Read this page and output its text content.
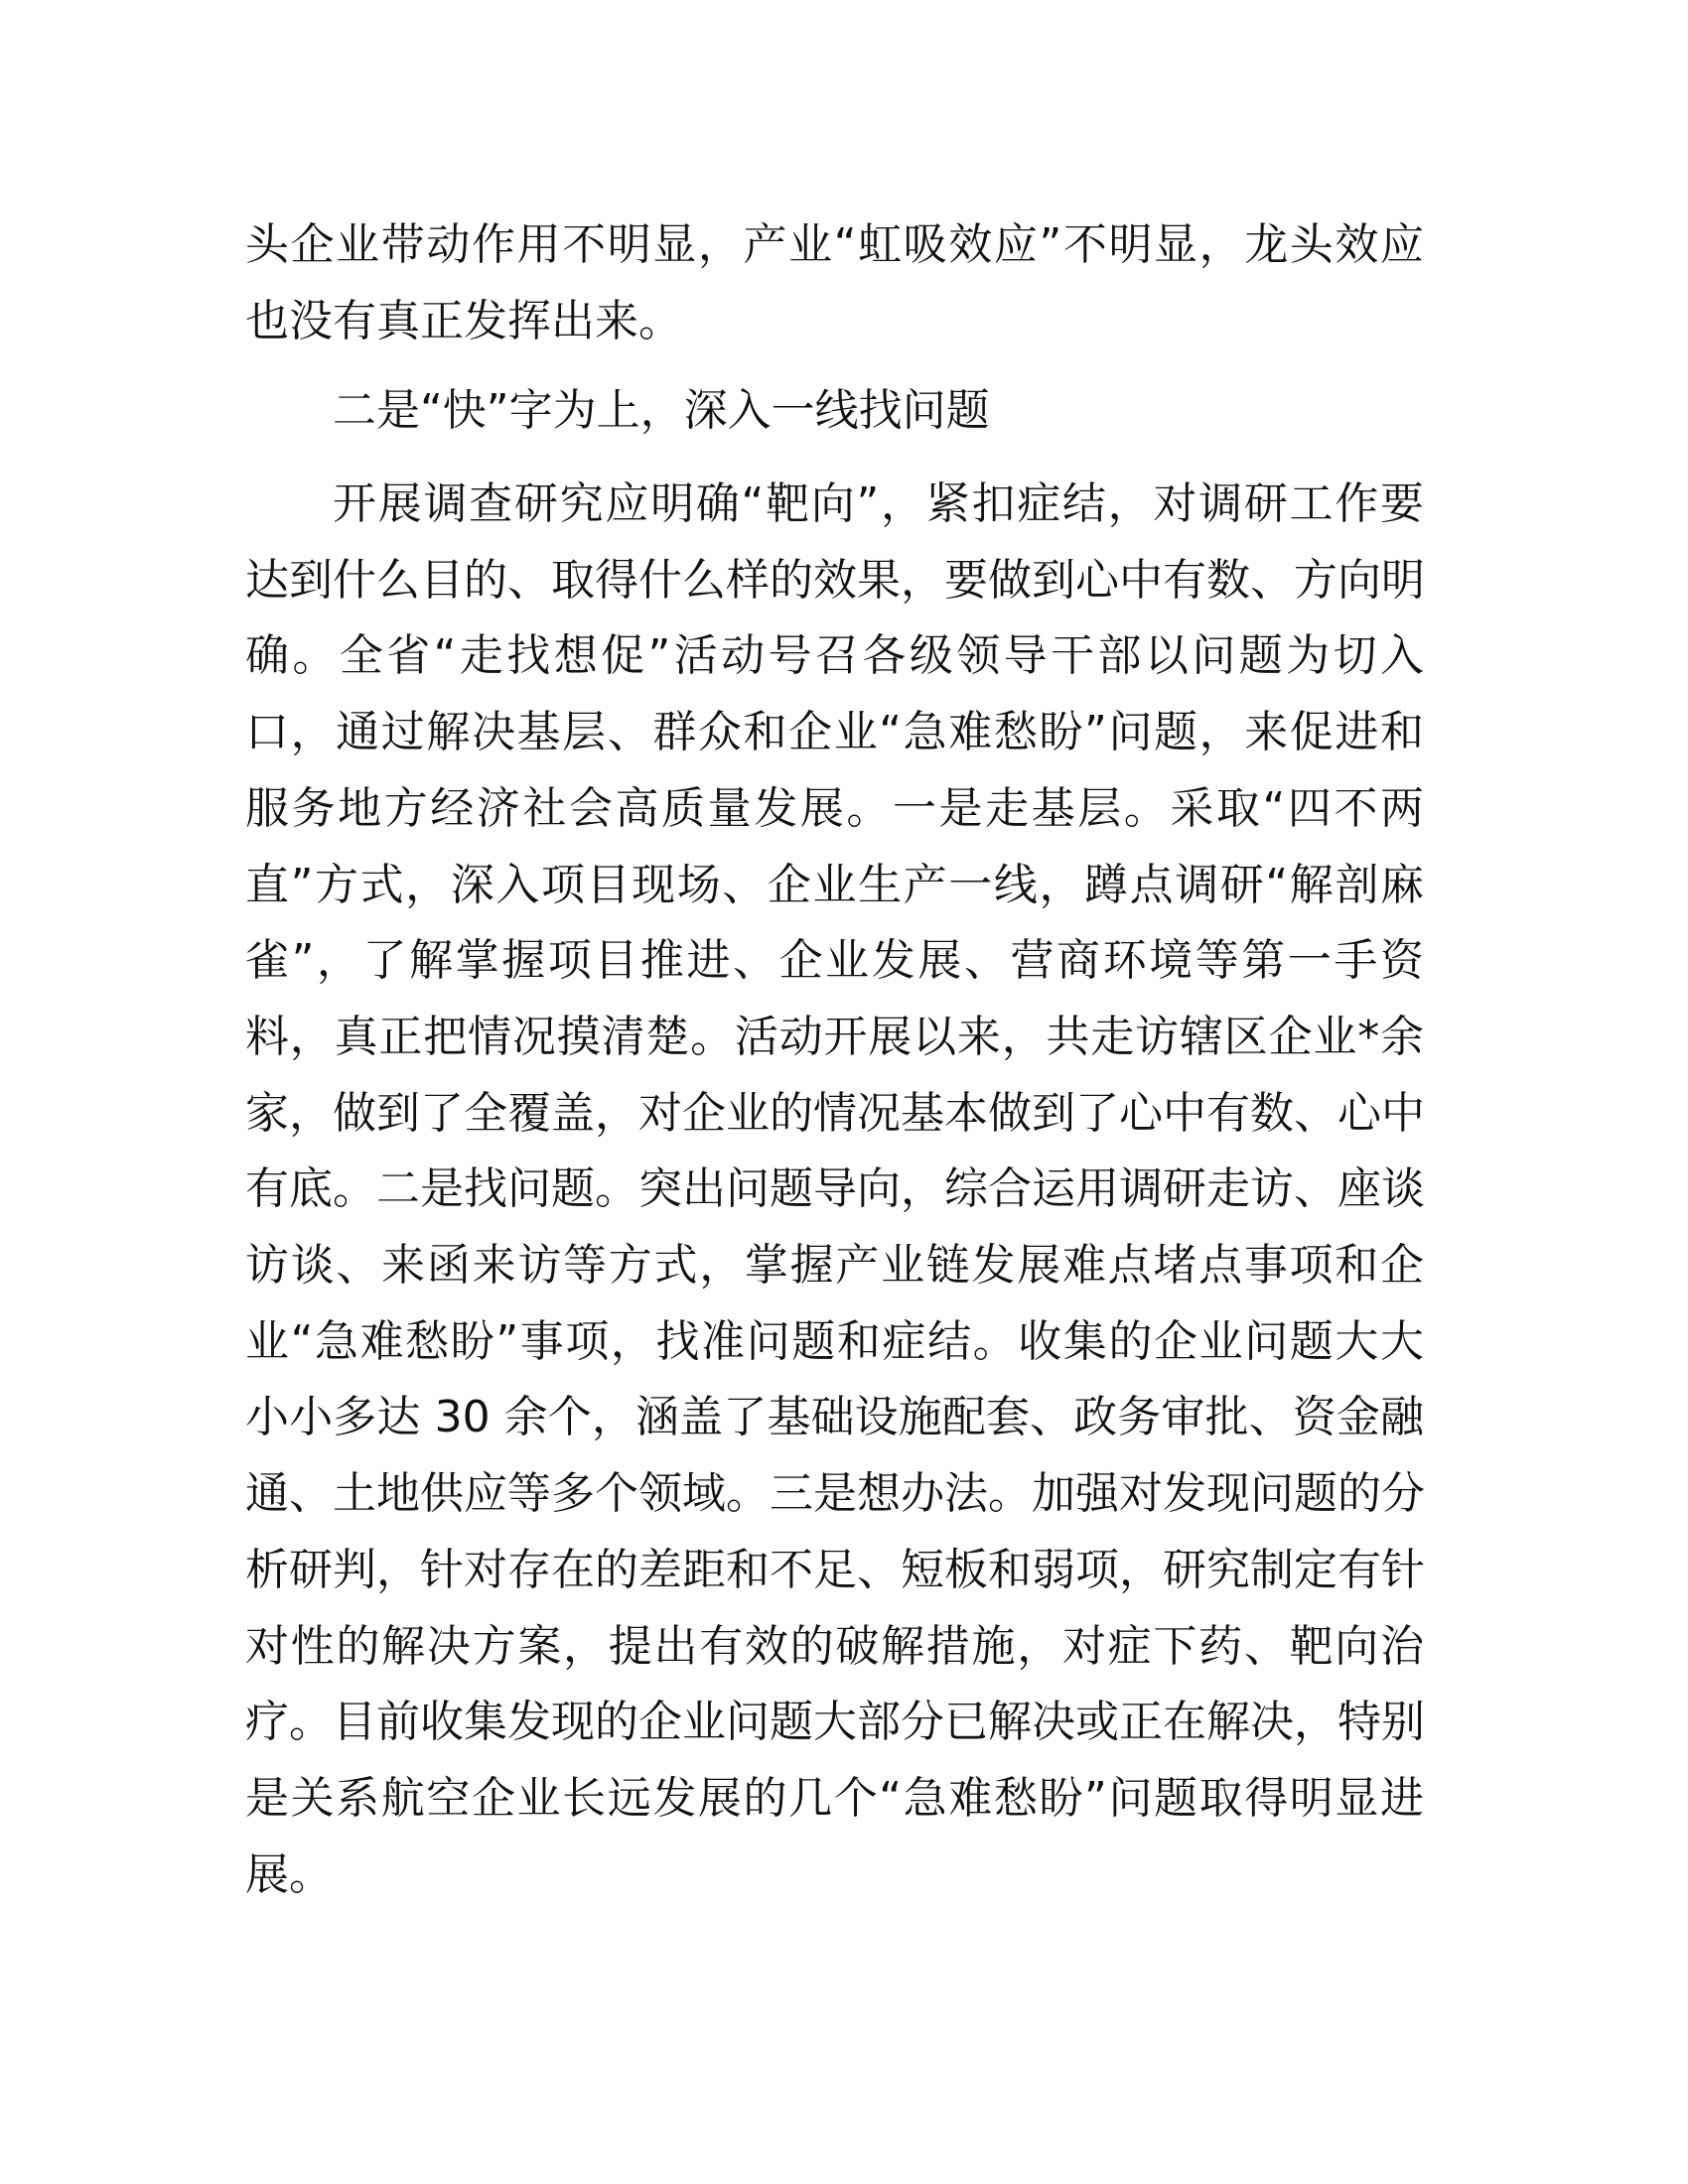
头企业带动作用不明显，产业“虹吸效应”不明显，龙头效应
也没有真正发挥出来。
二是“快”字为上，深入一线找问题
开展调查研究应明确“靶向”，紧扣症结，对调研工作要
达到什么目的、取得什么样的效果，要做到心中有数、方向明
确。全省“走找想促”活动号召各级领导干部以问题为切入
口，通过解决基层、群众和企业“急难愁盼”问题，来促进和
服务地方经济社会高质量发展。一是走基层。采取“四不两
直”方式，深入项目现场、企业生产一线，蹲点调研“解剖麻
雀”，了解掌握项目推进、企业发展、营商环境等第一手资
料，真正把情况摸清楚。活动开展以来，共走访辖区企业*余
家，做到了全覆盖，对企业的情况基本做到了心中有数、心中
有底。二是找问题。突出问题导向，综合运用调研走访、座谈
访谈、来函来访等方式，掌握产业链发展难点堵点事项和企
业“急难愁盼”事项，找准问题和症结。收集的企业问题大大
小小多达 30 余个，涵盖了基础设施配套、政务审批、资金融
通、土地供应等多个领域。三是想办法。加强对发现问题的分
析研判，针对存在的差距和不足、短板和弱项，研究制定有针
对性的解决方案，提出有效的破解措施，对症下药、靶向治
疗。目前收集发现的企业问题大部分已解决或正在解决，特别
是关系航空企业长远发展的几个“急难愁盼”问题取得明显进
展。
